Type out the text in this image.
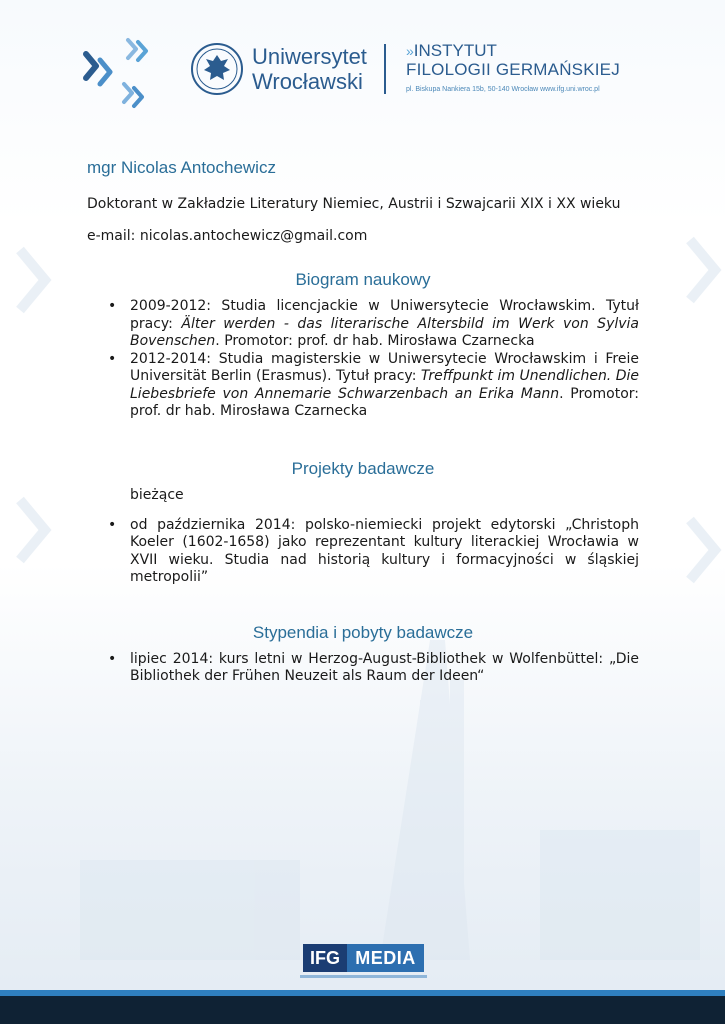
Uniwersytet
Wrocławski
»INSTYTUT
FILOLOGII GERMAŃSKIEJ
pl. Biskupa Nankiera 15b, 50-140 Wrocław www.ifg.uni.wroc.pl
mgr Nicolas Antochewicz

Doktorant w Zakładzie Literatury Niemiec, Austrii i Szwajcarii XIX i XX wieku

e-mail: nicolas.antochewicz@gmail.com

Biogram naukowy
• 2009-2012: Studia licencjackie w Uniwersytecie Wrocławskim. Tytuł pracy: Älter werden - das literarische Altersbild im Werk von Sylvia Bovenschen. Promotor: prof. dr hab. Mirosława Czarnecka
• 2012-2014: Studia magisterskie w Uniwersytecie Wrocławskim i Freie Universität Berlin (Erasmus). Tytuł pracy: Treffpunkt im Unendlichen. Die Liebesbriefe von Annemarie Schwarzenbach an Erika Mann. Promotor: prof. dr hab. Mirosława Czarnecka
Projekty badawcze

bieżące

• od października 2014: polsko-niemiecki projekt edytorski „Christoph Koeler (1602-1658) jako reprezentant kultury literackiej Wrocławia w XVII wieku. Studia nad historią kultury i formacyjności w śląskiej metropolii”
Stypendia i pobyty badawcze
• lipiec 2014: kurs letni w Herzog-August-Bibliothek w Wolfenbüttel: „Die Bibliothek der Frühen Neuzeit als Raum der Ideen“
IFG MEDIA
